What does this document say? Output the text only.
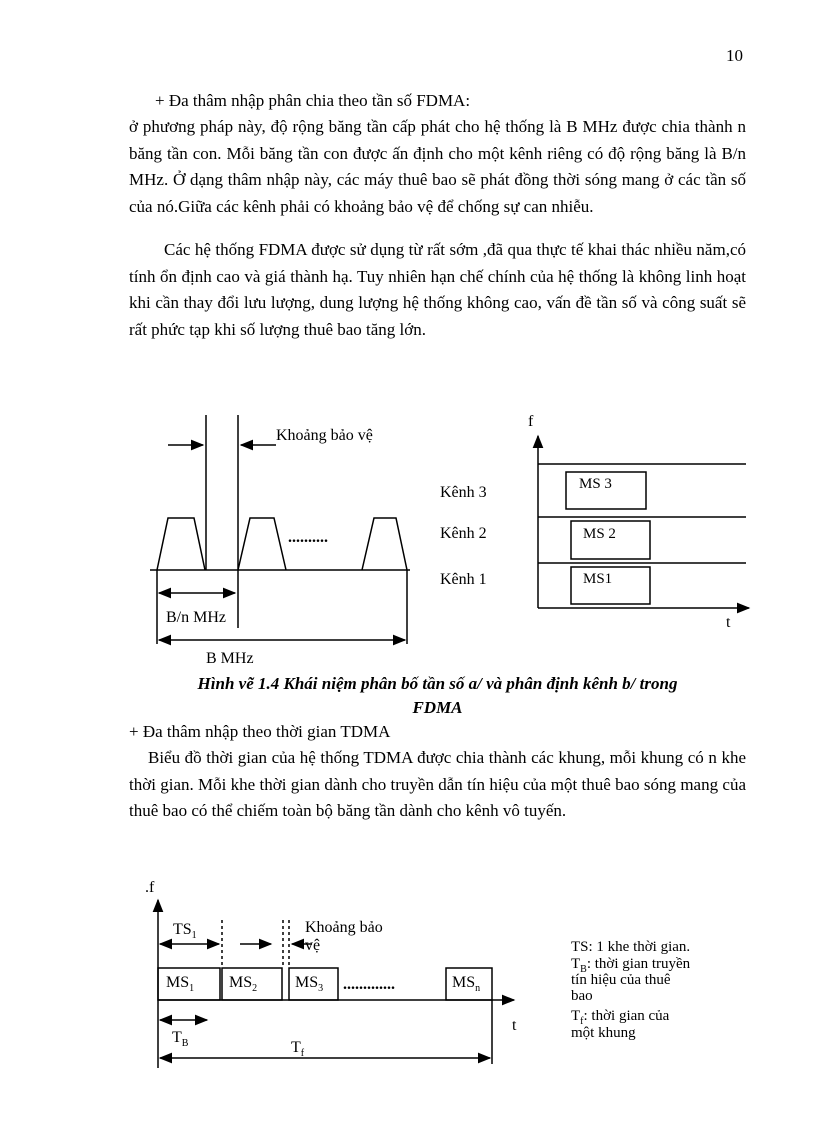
10

+ Đa thâm nhập phân chia theo tần số FDMA:

ở phương pháp này, độ rộng băng tần cấp phát cho hệ thống là B MHz được chia thành n băng tần con. Mỗi băng tần con được ấn định cho một kênh riêng có độ rộng băng là B/n MHz. Ở dạng thâm nhập này, các máy thuê bao sẽ phát đồng thời sóng mang ở các tần số của nó.Giữa các kênh phải có khoảng bảo vệ để chống sự can nhiễu.

Các hệ thống FDMA được sử dụng từ rất sớm ,đã qua thực tế khai thác nhiều năm,có tính ổn định cao và giá thành hạ. Tuy nhiên hạn chế chính của hệ thống là không linh hoạt khi cần thay đổi lưu lượng, dung lượng hệ thống không cao, vấn đề tần số và công suất sẽ rất phức tạp khi số lượng thuê bao tăng lớn.

Khoảng bảo vệ
..........
B/n MHz
B MHz
Kênh 3
Kênh 2
Kênh 1
f
t
MS 3
MS 2
MS1

Hình vẽ 1.4 Khái niệm phân bố tần số a/ và phân định kênh b/ trong

FDMA

+ Đa thâm nhập theo thời gian TDMA

Biểu đồ thời gian của hệ thống TDMA được chia thành các khung, mỗi khung có n khe thời gian. Mỗi khe thời gian dành cho truyền dẫn tín hiệu của một thuê bao sóng mang của thuê bao có thể chiếm toàn bộ băng tần dành cho kênh vô tuyến.

.f
t
$TS_1$	Khoảng bảo
vệ
$MS_1$ $MS_2$ $MS_3$ .............	$MS_n$
$T_B$	$T_f$
TS: 1 khe thời gian.
$T_B$: thời gian truyền
tín hiệu của thuê
bao
$T_f$: thời gian của
một khung
